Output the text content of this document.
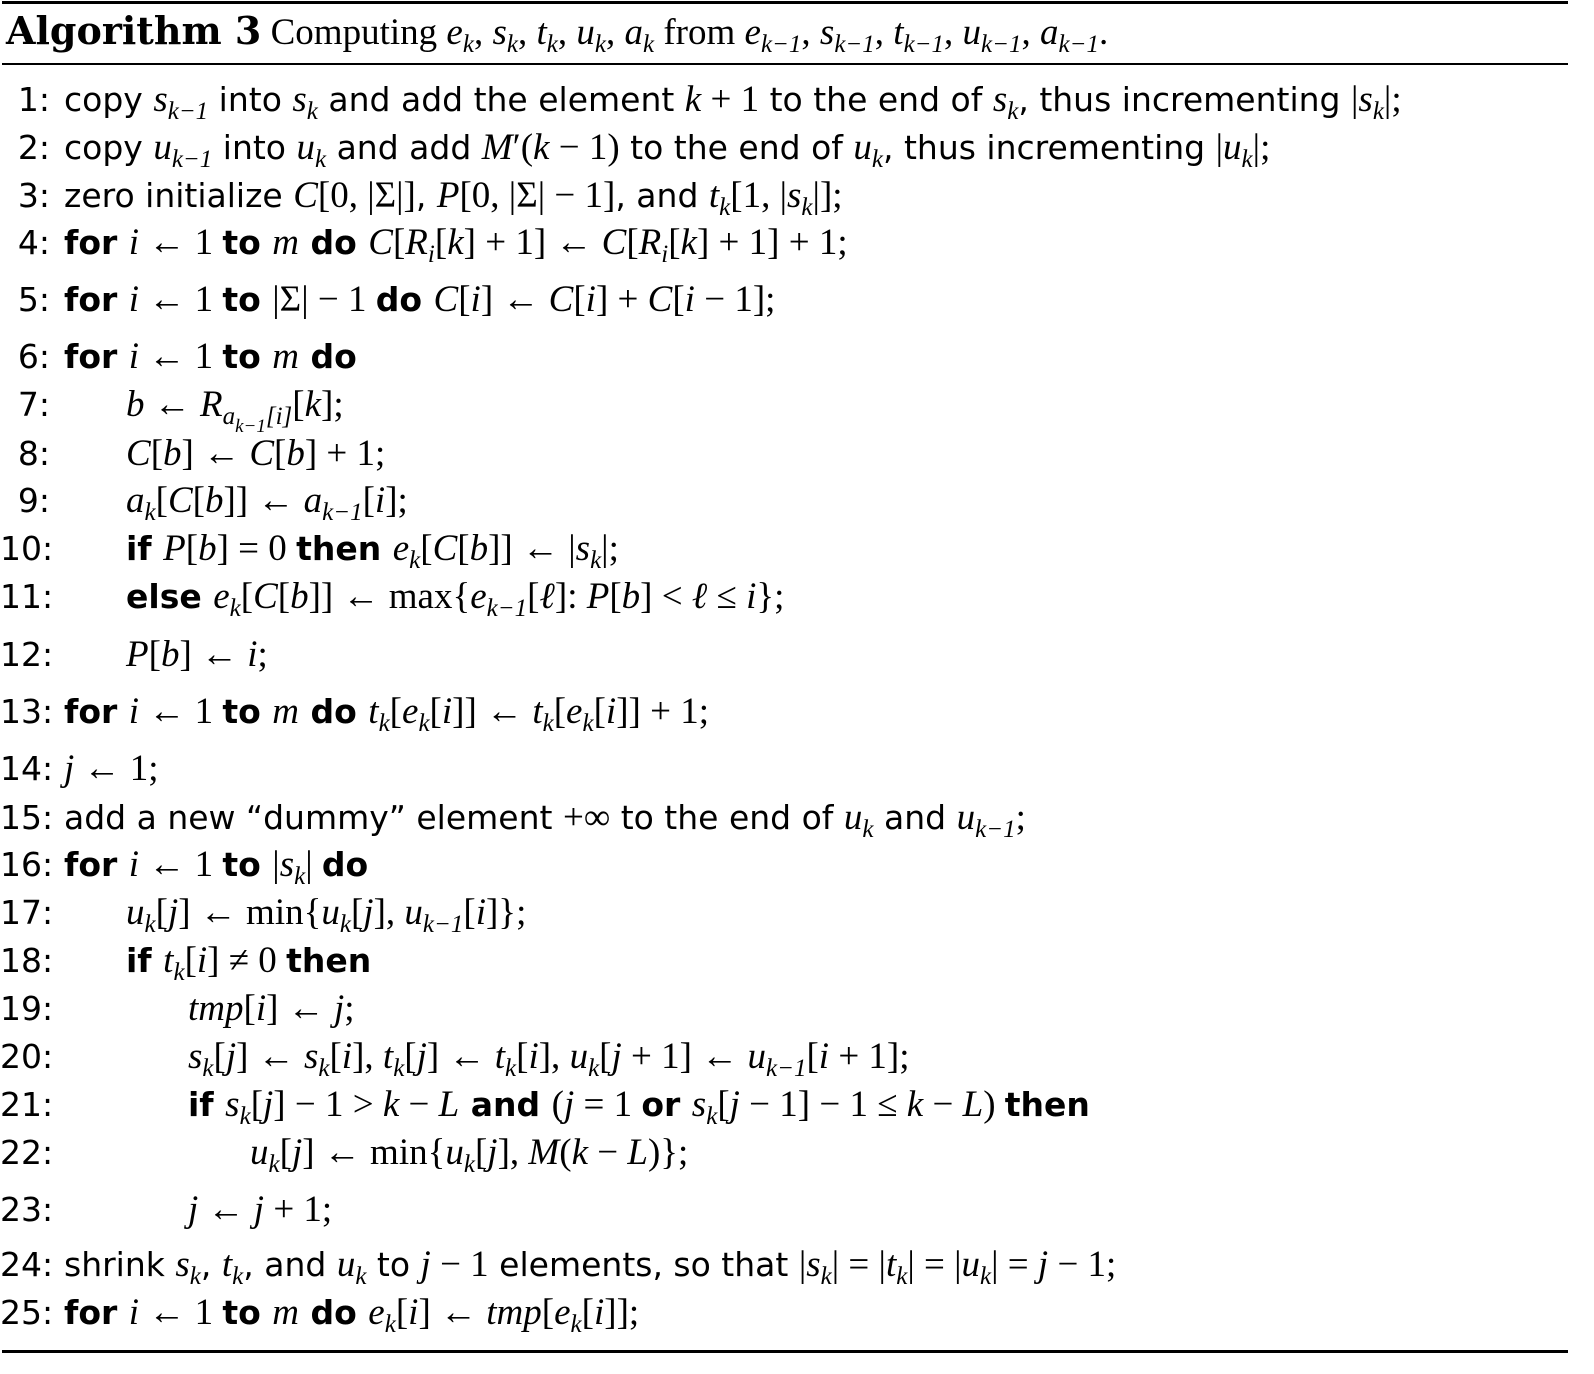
Algorithm 3 Computing $e_k$, $s_k$, $t_k$, $u_k$, $a_k$ from $e_{k-1}$, $s_{k-1}$, $t_{k-1}$, $u_{k-1}$, $a_{k-1}$.
1: copy $s_{k-1}$ into $s_k$ and add the element k + 1 to the end of $s_k$, thus incrementing $|s_k|$;
2: copy $u_{k-1}$ into $u_k$ and add M′(k − 1) to the end of $u_k$, thus incrementing $|u_k|$;
3: zero initialize C[0, |Σ|], P[0, |Σ| − 1], and $t_k[1$, $|s_k|$];
4: for i ← 1 to m do $C[R_i[k] + 1]$ ← $C[R_i[k] + 1] + 1$;
5: for i ← 1 to |Σ| − 1 do C[i] ← C[i] + C[i − 1];
6: for i ← 1 to m do
7: b ← $R_{ak-1[i]}[k]$;
8: C[b] ← C[b] + 1;
9: $a_k[C[b]]$ ← $a_{k-1}[i]$;
10: if P[b] = 0 then $e_k[C[b]]$ ← $|s_k|$;
11: else $e_k[C[b]]$ ← $\max\{e_{k-1}[\ell]$: P[b] < ℓ ≤ i};
12: P[b] ← i;
13: for i ← 1 to m do $t_k[e_k[i]]$ ← $t_k[e_k[i]] + 1$;
14: j ← 1;
15: add a new “dummy” element +∞ to the end of $u_k$ and $u_{k-1}$;
16: for i ← 1 to $|s_k|$ do
17: $u_k[j]$ ← $\min\{u_k[j]$, $u_{k-1}[i]$};
18: if $t_k[i] \ne 0$ then
19:	tmp[i] ← j;
20:	$s_k[j]$ ← $s_k[i]$, $t_k[j]$ ← $t_k[i]$, $u_k[j + 1]$ ← $u_{k-1}[i + 1]$;
21:	if $s_k[j] - 1 > k - L$ and (j = 1 or $s_k[j - 1] - 1 \le k - L$) then
22:	$u_k[j]$ ← $\min\{u_k[j]$, M(k − L)};
23:	j ← j + 1;
24: shrink $s_k$, $t_k$, and $u_k$ to j − 1 elements, so that $|s_k| = |t_k| = |u_k| = j - 1$;
25: for i ← 1 to m do $e_k[i]$ ← $tmp[e_k[i]]$;
